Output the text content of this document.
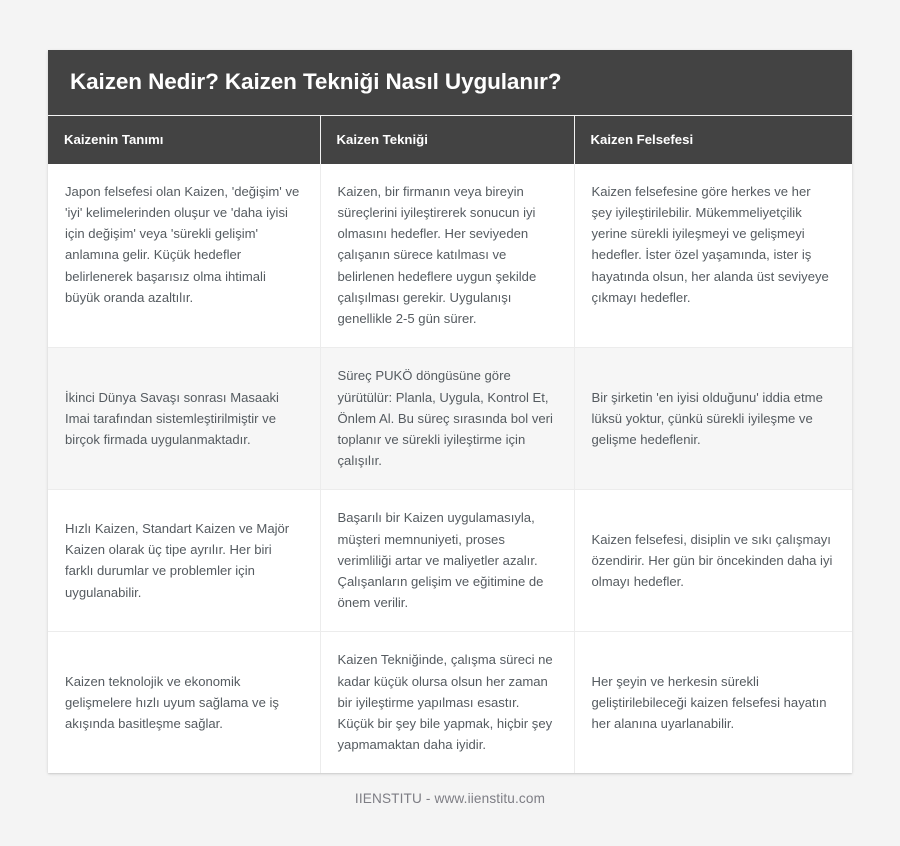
Kaizen Nedir? Kaizen Tekniği Nasıl Uygulanır?
Kaizenin Tanımı	Kaizen Tekniği	Kaizen Felsefesi
Japon felsefesi olan Kaizen, 'değişim' ve 'iyi' kelimelerinden oluşur ve 'daha iyisi için değişim' veya 'sürekli gelişim' anlamına gelir. Küçük hedefler belirlenerek başarısız olma ihtimali büyük oranda azaltılır.	Kaizen, bir firmanın veya bireyin süreçlerini iyileştirerek sonucun iyi olmasını hedefler. Her seviyeden çalışanın sürece katılması ve belirlenen hedeflere uygun şekilde çalışılması gerekir. Uygulanışı genellikle 2-5 gün sürer.	Kaizen felsefesine göre herkes ve her şey iyileştirilebilir. Mükemmeliyetçilik yerine sürekli iyileşmeyi ve gelişmeyi hedefler. İster özel yaşamında, ister iş hayatında olsun, her alanda üst seviyeye çıkmayı hedefler.
İkinci Dünya Savaşı sonrası Masaaki Imai tarafından sistemleştirilmiştir ve birçok firmada uygulanmaktadır.	Süreç PUKÖ döngüsüne göre yürütülür: Planla, Uygula, Kontrol Et, Önlem Al. Bu süreç sırasında bol veri toplanır ve sürekli iyileştirme için çalışılır.	Bir şirketin 'en iyisi olduğunu' iddia etme lüksü yoktur, çünkü sürekli iyileşme ve gelişme hedeflenir.
Hızlı Kaizen, Standart Kaizen ve Majör Kaizen olarak üç tipe ayrılır. Her biri farklı durumlar ve problemler için uygulanabilir.	Başarılı bir Kaizen uygulamasıyla, müşteri memnuniyeti, proses verimliliği artar ve maliyetler azalır. Çalışanların gelişim ve eğitimine de önem verilir.	Kaizen felsefesi, disiplin ve sıkı çalışmayı özendirir. Her gün bir öncekinden daha iyi olmayı hedefler.
Kaizen teknolojik ve ekonomik gelişmelere hızlı uyum sağlama ve iş akışında basitleşme sağlar.	Kaizen Tekniğinde, çalışma süreci ne kadar küçük olursa olsun her zaman bir iyileştirme yapılması esastır. Küçük bir şey bile yapmak, hiçbir şey yapmamaktan daha iyidir.	Her şeyin ve herkesin sürekli geliştirilebileceği kaizen felsefesi hayatın her alanına uyarlanabilir.
IIENSTITU - www.iienstitu.com
